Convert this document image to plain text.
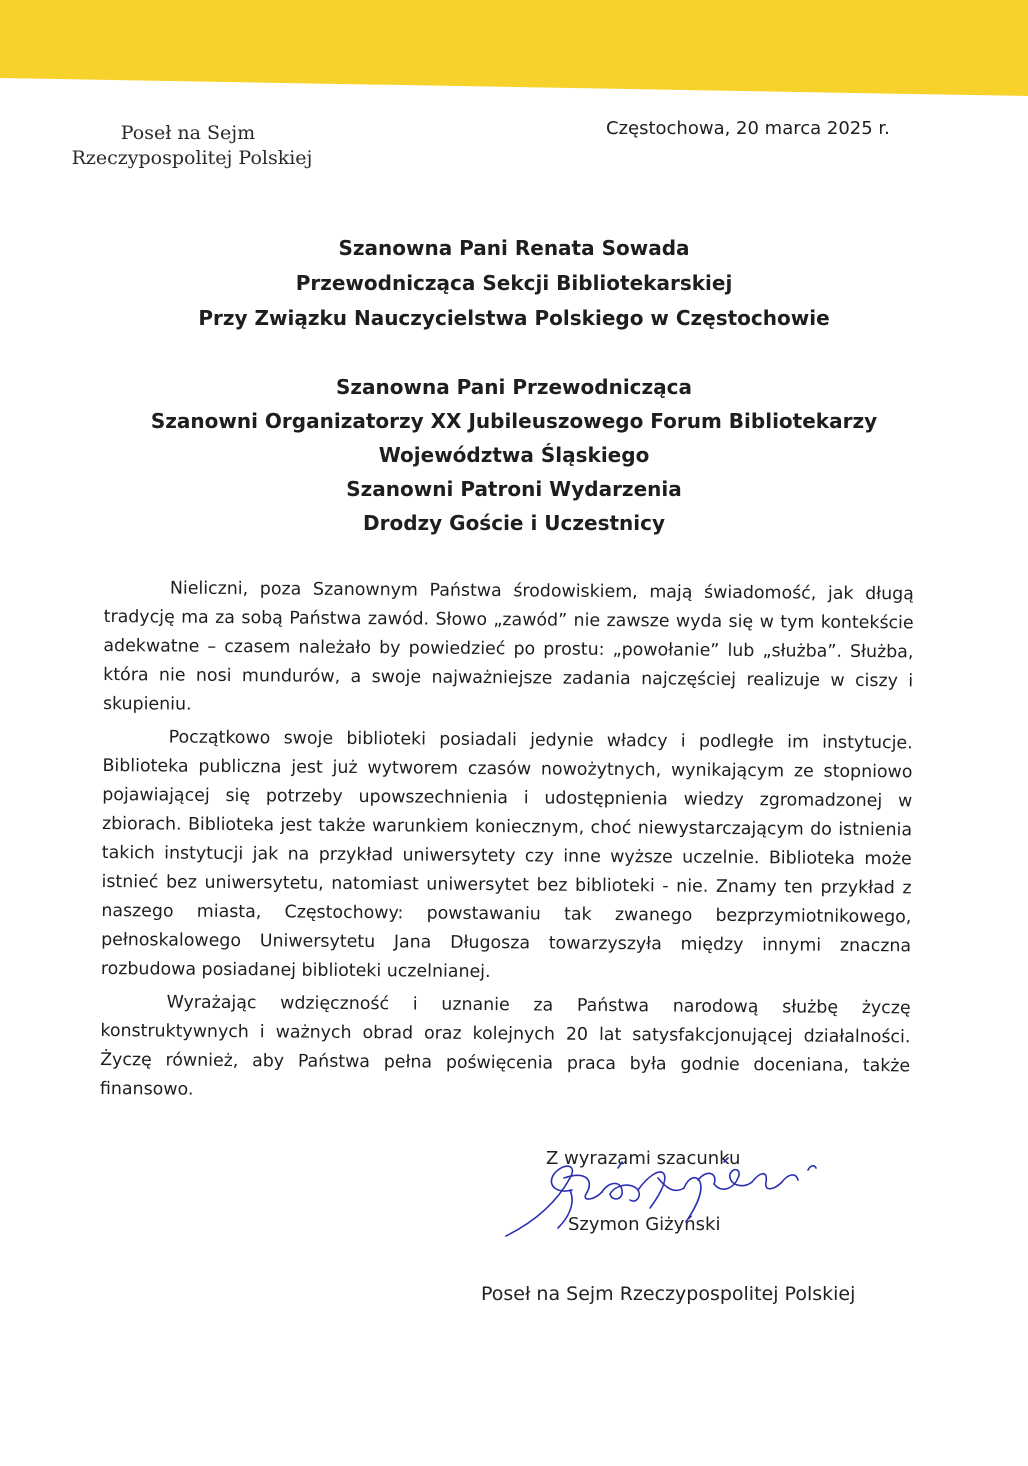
Poseł na Sejm
Rzeczypospolitej Polskiej
Częstochowa, 20 marca 2025 r.
Szanowna Pani Renata Sowada
Przewodnicząca Sekcji Bibliotekarskiej
Przy Związku Nauczycielstwa Polskiego w Częstochowie
Szanowna Pani Przewodnicząca
Szanowni Organizatorzy XX Jubileuszowego Forum Bibliotekarzy
Województwa Śląskiego
Szanowni Patroni Wydarzenia
Drodzy Goście i Uczestnicy

Nieliczni, poza Szanownym Państwa środowiskiem, mają świadomość, jak długą tradycję ma za sobą Państwa zawód. Słowo „zawód” nie zawsze wyda się w tym kontekście adekwatne – czasem należało by powiedzieć po prostu: „powołanie” lub „służba”. Służba, która nie nosi mundurów, a swoje najważniejsze zadania najczęściej realizuje w ciszy i skupieniu.

Początkowo swoje biblioteki posiadali jedynie władcy i podległe im instytucje. Biblioteka publiczna jest już wytworem czasów nowożytnych, wynikającym ze stopniowo pojawiającej się potrzeby upowszechnienia i udostępnienia wiedzy zgromadzonej w zbiorach. Biblioteka jest także warunkiem koniecznym, choć niewystarczającym do istnienia takich instytucji jak na przykład uniwersytety czy inne wyższe uczelnie. Biblioteka może istnieć bez uniwersytetu, natomiast uniwersytet bez biblioteki - nie. Znamy ten przykład z naszego miasta, Częstochowy: powstawaniu tak zwanego bezprzymiotnikowego, pełnoskalowego Uniwersytetu Jana Długosza towarzyszyła między innymi znaczna rozbudowa posiadanej biblioteki uczelnianej.

Wyrażając wdzięczność i uznanie za Państwa narodową służbę życzę konstruktywnych i ważnych obrad oraz kolejnych 20 lat satysfakcjonującej działalności. Życzę również, aby Państwa pełna poświęcenia praca była godnie doceniana, także finansowo.

Z wyrazami szacunku
Szymon Giżyński
Poseł na Sejm Rzeczypospolitej Polskiej
